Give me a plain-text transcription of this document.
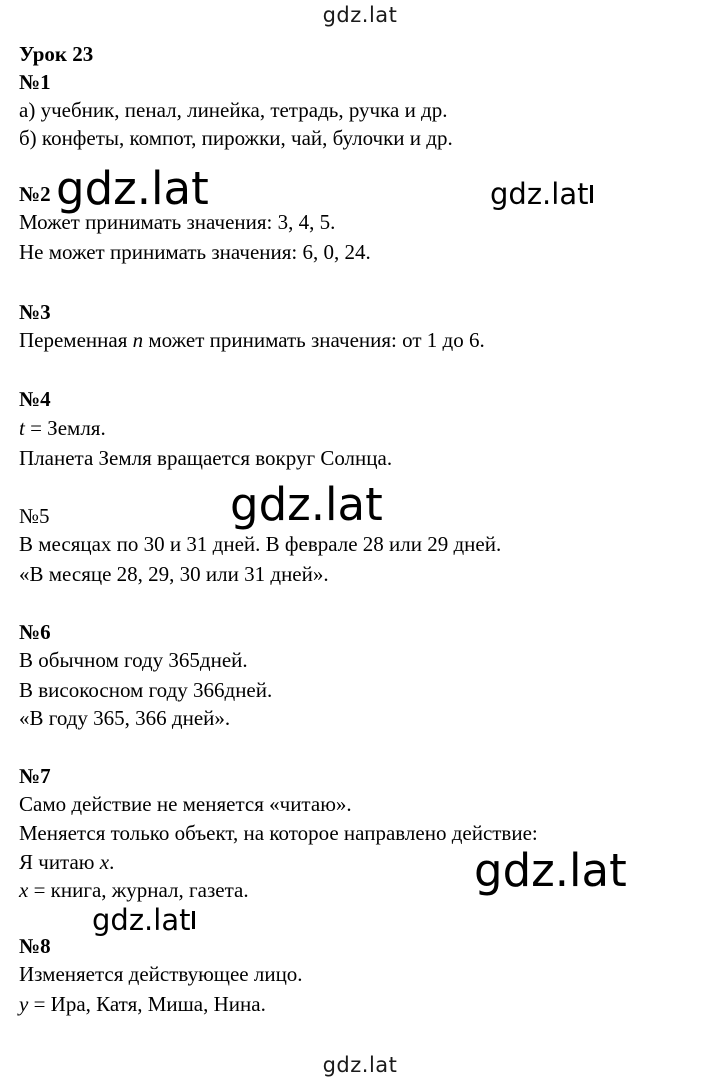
gdz.lat
Урок 23
№1
а) учебник, пенал, линейка, тетрадь, ручка и др.
б) конфеты, компот, пирожки, чай, булочки и др.
№2
Может принимать значения: 3, 4, 5.
Не может принимать значения: 6, 0, 24.
№3
Переменная n может принимать значения: от 1 до 6.
№4
t = Земля.
Планета Земля вращается вокруг Солнца.
№5
В месяцах по 30 и 31 дней. В феврале 28 или 29 дней.
«В месяце 28, 29, 30 или 31 дней».
№6
В обычном году 365дней.
В високосном году 366дней.
«В году 365, 366 дней».
№7
Само действие не меняется «читаю».
Меняется только объект, на которое направлено действие:
Я читаю x.
x = книга, журнал, газета.
№8
Изменяется действующее лицо.
y = Ира, Катя, Миша, Нина.
gdz.lat	gdz.lat
gdz.lat
gdz.lat
gdz.lat
gdz.lat
